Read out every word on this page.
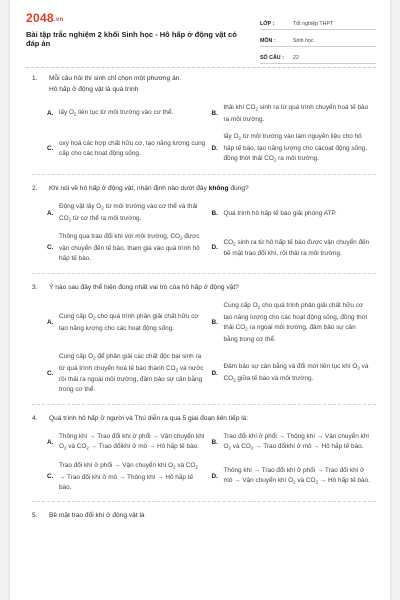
2048.vn
Bài tập trắc nghiệm 2 khối Sinh học - Hô hấp ở động vật có đáp án
LỚP :	Tốt nghiệp THPT
MÔN :	Sinh học
SỐ CÂU :	22
1.	Mỗi câu hỏi thí sinh chỉ chọn một phương án.
Hô hấp ở động vật là quá trình
A. lấy $O_2$ liên tục từ môi trường vào cơ thể.	B.
thải khí $CO_2$ sinh ra từ quá trình chuyển hoá tế bào ra môi trường.
C.
oxy hoá các hợp chất hữu cơ, tạo năng lượng cung cấp cho các hoạt động sống.
D.
lấy $O_2$ từ môi trường vào làm nguyên liệu cho hô hấp tế bào, tạo năng lượng cho cácoạt động sống, đồng thời thải $CO_2$ ra môi trường.
2.	Khi nói về hô hấp ở động vật, nhận định nào dưới đây không đúng?
A.
Động vật lấy $O_2$ từ môi trường vào cơ thể và thải $CO_2$ từ cơ thể ra môi trường.
B. Quá trình hô hấp tế bào giải phóng ATP.
C.
Thông qua trao đổi khí với môi trường, $CO_2$ được vận chuyển đến tế bào, tham gia vào quá trình hô hấp tế bào.
D.
$CO_2$ sinh ra từ hô hấp tế bào được vận chuyển đến bề mặt trao đổi khí, rồi thải ra môi trường.
3.	Ý nào sau đây thể hiện đúng nhất vai trò của hô hấp ở động vật?
A.
Cung cấp $O_2$ cho quá trình phân giải chất hữu cơ tạo năng lượng cho các hoạt động sống.
B.
Cung cấp $O_2$ cho quá trình phân giải chất hữu cơ tạo năng lượng cho các hoạt động sống, đồng thời thải $CO_2$ ra ngoài môi trường, đảm bảo sự cân bằng trong cơ thể.
C.
Cung cấp $O_2$ để phân giải các chất độc hại sinh ra từ quá trình chuyển hoá tế bào thành $CO_2$ và nước rồi thải ra ngoài môi trường, đảm bảo sự cân bằng trong cơ thể.
D.
Đảm bảo sự cân bằng và đổi mới liên tục khí $O_2$ và $CO_2$ giữa tế bào và môi trường.
4.	Quá trình hô hấp ở người và Thú diễn ra qua 5 giai đoạn liên tiếp là:
A.
Thông khí → Trao đổi khí ở phổi → Vận chuyển khí $O_2$ và $CO_2$ → Trao đổikhí ở mô → Hô hấp tế bào.
B.
Trao đổi khí ở phổi → Thông khí → Vận chuyển khí $O_2$ và $CO_2$ → Trao đổikhí ở mô → Hô hấp tế bào.
C.
Trao đổi khí ở phổi → Vận chuyển khí $O_2$ và $CO_2$ → Trao đổi khí ở mô → Thông khí → Hô hấp tế bào.
D.
Thông khí → Trao đổi khí ở phổi → Trao đổi khí ở mô → Vận chuyển khí $O_2$ và $CO_2$ → Hô hấp tế bào.
5.	Bề mặt trao đổi khí ở động vật là
